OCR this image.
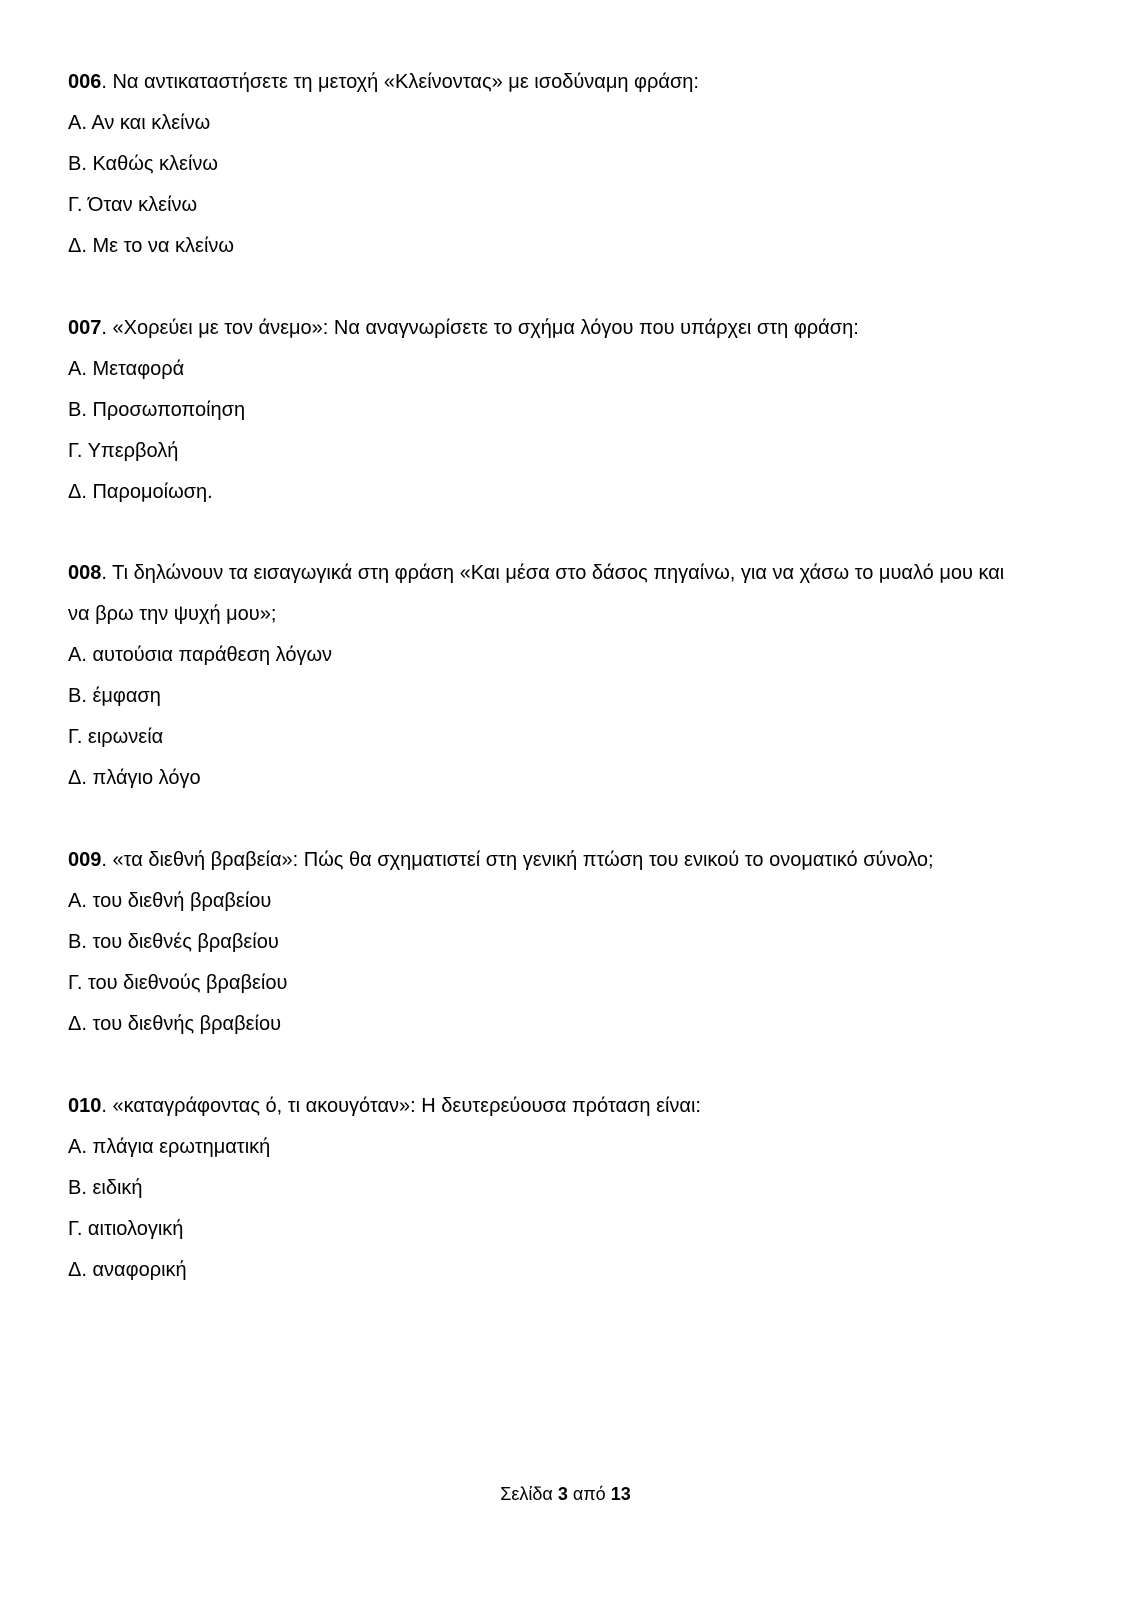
006. Να αντικαταστήσετε τη μετοχή «Κλείνοντας» με ισοδύναμη φράση:

Α. Αν και κλείνω

Β. Καθώς κλείνω

Γ. Όταν κλείνω

Δ. Με το να κλείνω

007. «Χορεύει με τον άνεμο»: Να αναγνωρίσετε το σχήμα λόγου που υπάρχει στη φράση:

Α. Μεταφορά

Β. Προσωποποίηση

Γ. Υπερβολή

Δ. Παρομοίωση.

008. Τι δηλώνουν τα εισαγωγικά στη φράση «Και μέσα στο δάσος πηγαίνω, για να χάσω το μυαλό μου και

να βρω την ψυχή μου»;

Α. αυτούσια παράθεση λόγων

Β. έμφαση

Γ. ειρωνεία

Δ. πλάγιο λόγο

009. «τα διεθνή βραβεία»: Πώς θα σχηματιστεί στη γενική πτώση του ενικού το ονοματικό σύνολο;

Α. του διεθνή βραβείου

Β. του διεθνές βραβείου

Γ. του διεθνούς βραβείου

Δ. του διεθνής βραβείου

010. «καταγράφοντας ό, τι ακουγόταν»: Η δευτερεύουσα πρόταση είναι:

Α. πλάγια ερωτηματική

Β. ειδική

Γ. αιτιολογική

Δ. αναφορική

Σελίδα 3 από 13
